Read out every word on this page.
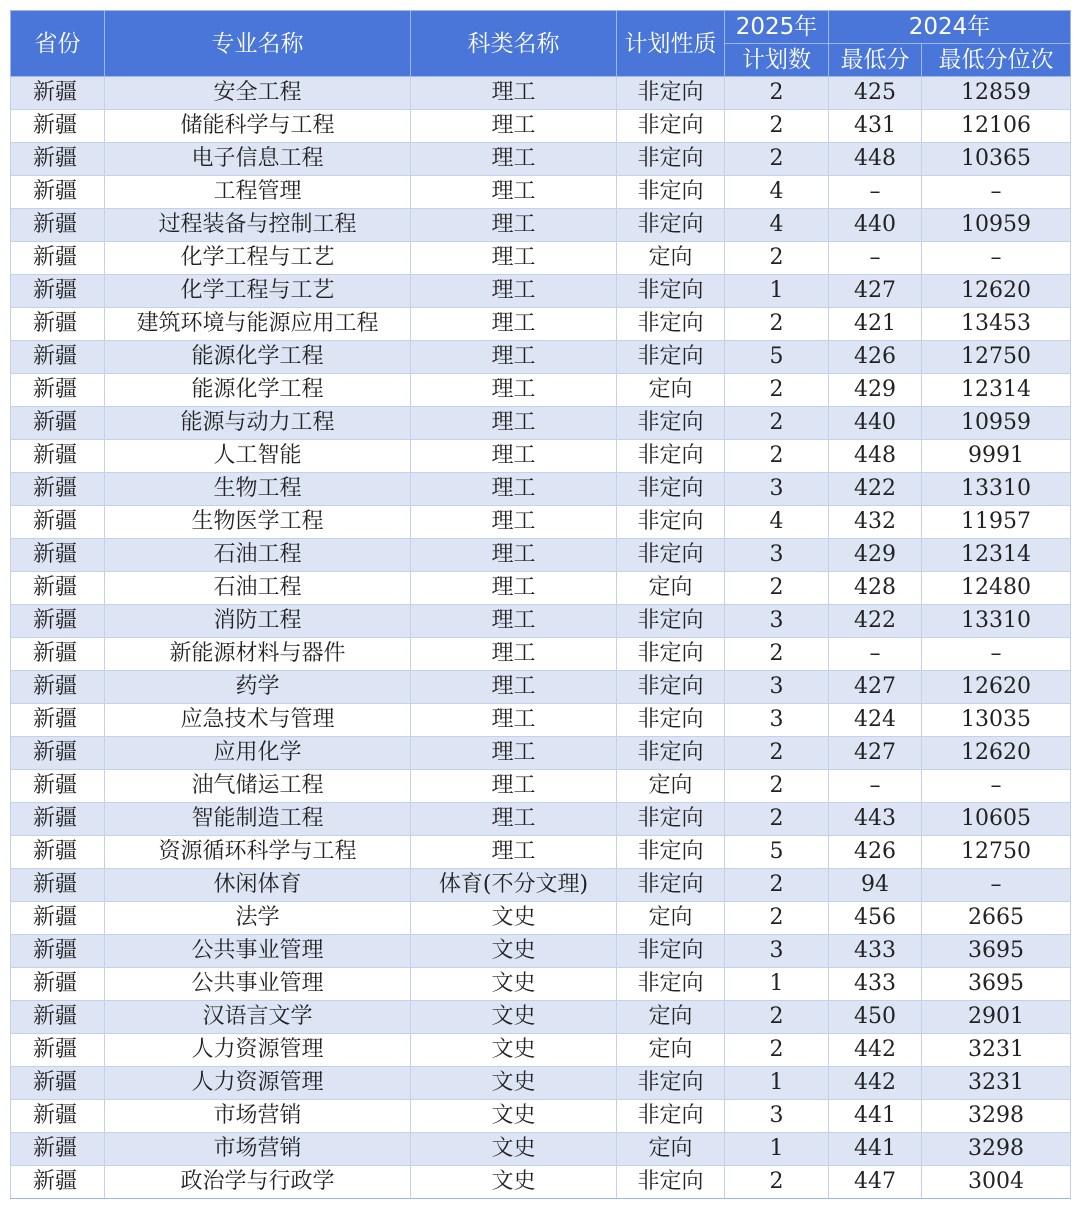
省份	专业名称	科类名称	计划性质	2025年	2024年	
				计划数	最低分	最低分位次
新疆	安全工程	理工	非定向	2	425	12859
新疆	储能科学与工程	理工	非定向	2	431	12106
新疆	电子信息工程	理工	非定向	2	448	10365
新疆	工程管理	理工	非定向	4	–	–
新疆	过程装备与控制工程	理工	非定向	4	440	10959
新疆	化学工程与工艺	理工	定向	2	–	–
新疆	化学工程与工艺	理工	非定向	1	427	12620
新疆	建筑环境与能源应用工程	理工	非定向	2	421	13453
新疆	能源化学工程	理工	非定向	5	426	12750
新疆	能源化学工程	理工	定向	2	429	12314
新疆	能源与动力工程	理工	非定向	2	440	10959
新疆	人工智能	理工	非定向	2	448	9991
新疆	生物工程	理工	非定向	3	422	13310
新疆	生物医学工程	理工	非定向	4	432	11957
新疆	石油工程	理工	非定向	3	429	12314
新疆	石油工程	理工	定向	2	428	12480
新疆	消防工程	理工	非定向	3	422	13310
新疆	新能源材料与器件	理工	非定向	2	–	–
新疆	药学	理工	非定向	3	427	12620
新疆	应急技术与管理	理工	非定向	3	424	13035
新疆	应用化学	理工	非定向	2	427	12620
新疆	油气储运工程	理工	定向	2	–	–
新疆	智能制造工程	理工	非定向	2	443	10605
新疆	资源循环科学与工程	理工	非定向	5	426	12750
新疆	休闲体育	体育(不分文理)	非定向	2	94	–
新疆	法学	文史	定向	2	456	2665
新疆	公共事业管理	文史	非定向	3	433	3695
新疆	公共事业管理	文史	非定向	1	433	3695
新疆	汉语言文学	文史	定向	2	450	2901
新疆	人力资源管理	文史	定向	2	442	3231
新疆	人力资源管理	文史	非定向	1	442	3231
新疆	市场营销	文史	非定向	3	441	3298
新疆	市场营销	文史	定向	1	441	3298
新疆	政治学与行政学	文史	非定向	2	447	3004
